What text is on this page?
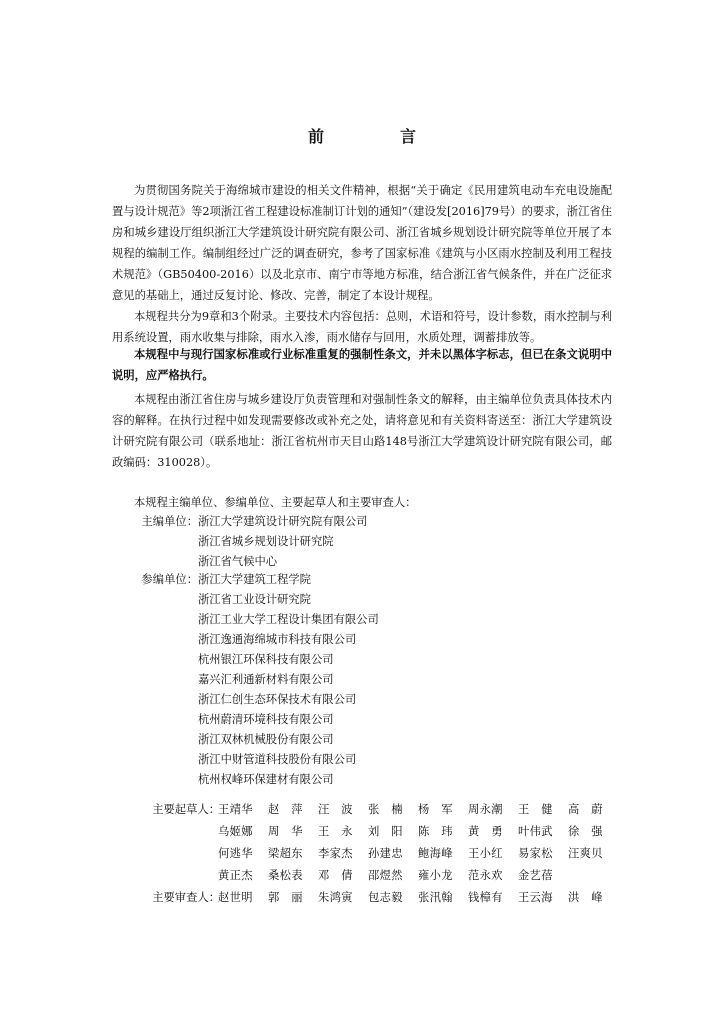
前　言

为贯彻国务院关于海绵城市建设的相关文件精神，根据“关于确定《民用建筑电动车充电设施配置与设计规范》等2项浙江省工程建设标准制订计划的通知”（建设发[2016]79号）的要求，浙江省住房和城乡建设厅组织浙江大学建筑设计研究院有限公司、浙江省城乡规划设计研究院等单位开展了本规程的编制工作。编制组经过广泛的调查研究，参考了国家标准《建筑与小区雨水控制及利用工程技术规范》（GB50400-2016）以及北京市、南宁市等地方标准，结合浙江省气候条件，并在广泛征求意见的基础上，通过反复讨论、修改、完善，制定了本设计规程。

本规程共分为9章和3个附录。主要技术内容包括：总则，术语和符号，设计参数，雨水控制与利用系统设置，雨水收集与排除，雨水入渗，雨水储存与回用，水质处理，调蓄排放等。

本规程中与现行国家标准或行业标准重复的强制性条文，并未以黑体字标志，但已在条文说明中说明，应严格执行。

本规程由浙江省住房与城乡建设厅负责管理和对强制性条文的解释，由主编单位负责具体技术内容的解释。在执行过程中如发现需要修改或补充之处，请将意见和有关资料寄送至：浙江大学建筑设计研究院有限公司（联系地址：浙江省杭州市天目山路148号浙江大学建筑设计研究院有限公司，邮政编码：310028）。

本规程主编单位、参编单位、主要起草人和主要审查人：

主编单位： 浙江大学建筑设计研究院有限公司
浙江省城乡规划设计研究院
浙江省气候中心
参编单位： 浙江大学建筑工程学院
浙江省工业设计研究院
浙江工业大学工程设计集团有限公司
浙江逸通海绵城市科技有限公司
杭州银江环保科技有限公司
嘉兴汇利通新材料有限公司
浙江仁创生态环保技术有限公司
杭州蔚清环境科技有限公司
浙江双林机械股份有限公司
浙江中财管道科技股份有限公司
杭州权峰环保建材有限公司
主要起草人：
王靖华	赵　萍	汪　波	张　楠	杨　军	周永潮	王　健	高　蔚
乌姬娜	周　华	王　永	刘　阳	陈　玮	黄　勇	叶伟武	徐　强
何逃华	梁超东	李家杰	孙建忠	鲍海峰	王小红	易家松	汪爽贝
黄正杰	桑松表	邓　倩	邵煜然	雍小龙	范永欢	金艺蓓
主要审查人：
赵世明	郭　丽	朱鸿寅	包志毅	张汛翰	钱樟有	王云海	洪　峰
